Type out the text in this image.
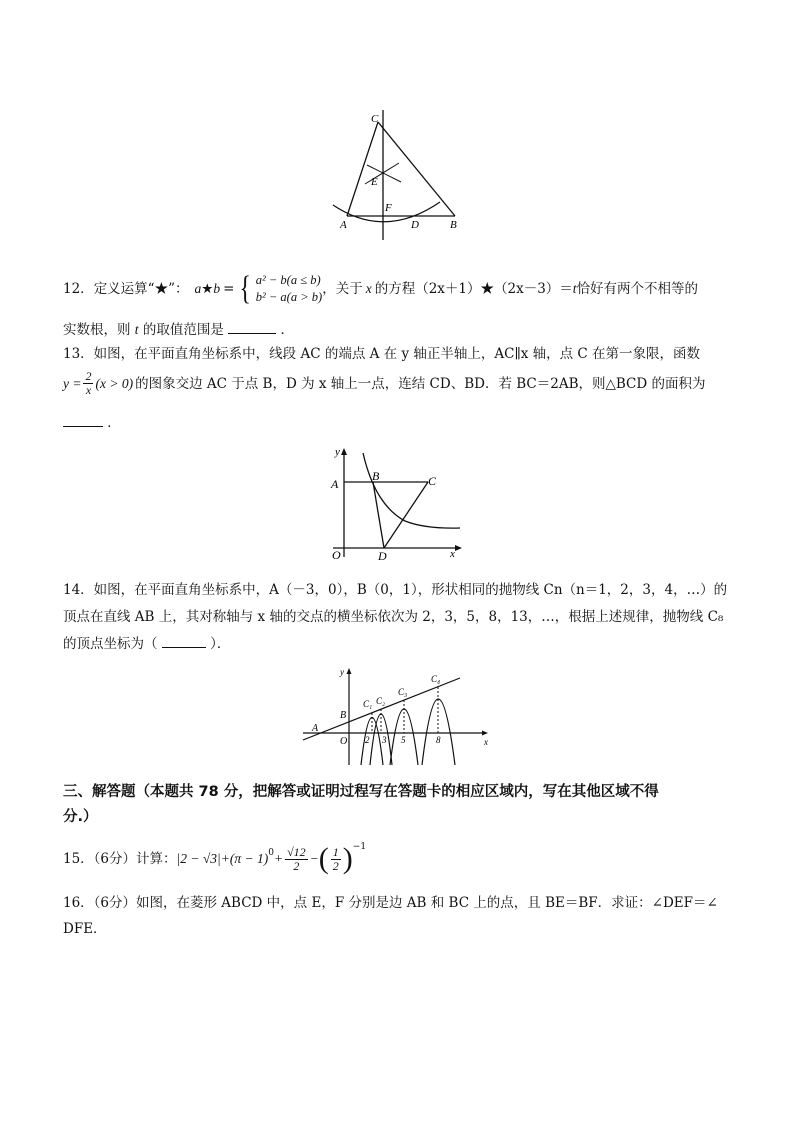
C
E
F
A	D	B
12． 定义运算“★”： a ★ b = { a² − b(a ≤ b)
b² − a(a > b) ，关于 x 的方程（2x＋1）★（2x－3）＝ t 恰好有两个不相等的
实数根，则 t 的取值范围是	．
13．如图，在平面直角坐标系中，线段 AC 的端点 A 在 y 轴正半轴上，AC∥x 轴，点 C 在第一象限，函数
$y = \frac{2}{x} (x > 0)$ 的图象交边 AC 于点 B，D 为 x 轴上一点，连结 CD、BD．若 BC＝2AB，则△BCD 的面积为
．
y
A
B	C
O	D	x
14．如图，在平面直角坐标系中，A（－3，0），B（0，1），形状相同的抛物线 Cn（n＝1，2，3，4，…）的
顶点在直线 AB 上，其对称轴与 x 轴的交点的横坐标依次为 2，3，5，8，13，…，根据上述规律，抛物线 C₈
的顶点坐标为（	）．
y
x
A
B
O
C₁ C₂
C₃
C₄
2 3 5	8
三、解答题（本题共 78 分，把解答或证明过程写在答题卡的相应区域内，写在其他区域不得
分.）
15．（6分）计算： $|2 - √3| +(\pi - 1)^0 + \frac{√12}{2}$ − ( $\frac{1}{2} )^{-1}$
16．（6分）如图，在菱形 ABCD 中，点 E，F 分别是边 AB 和 BC 上的点，且 BE＝BF．求证：∠DEF＝∠
DFE．
